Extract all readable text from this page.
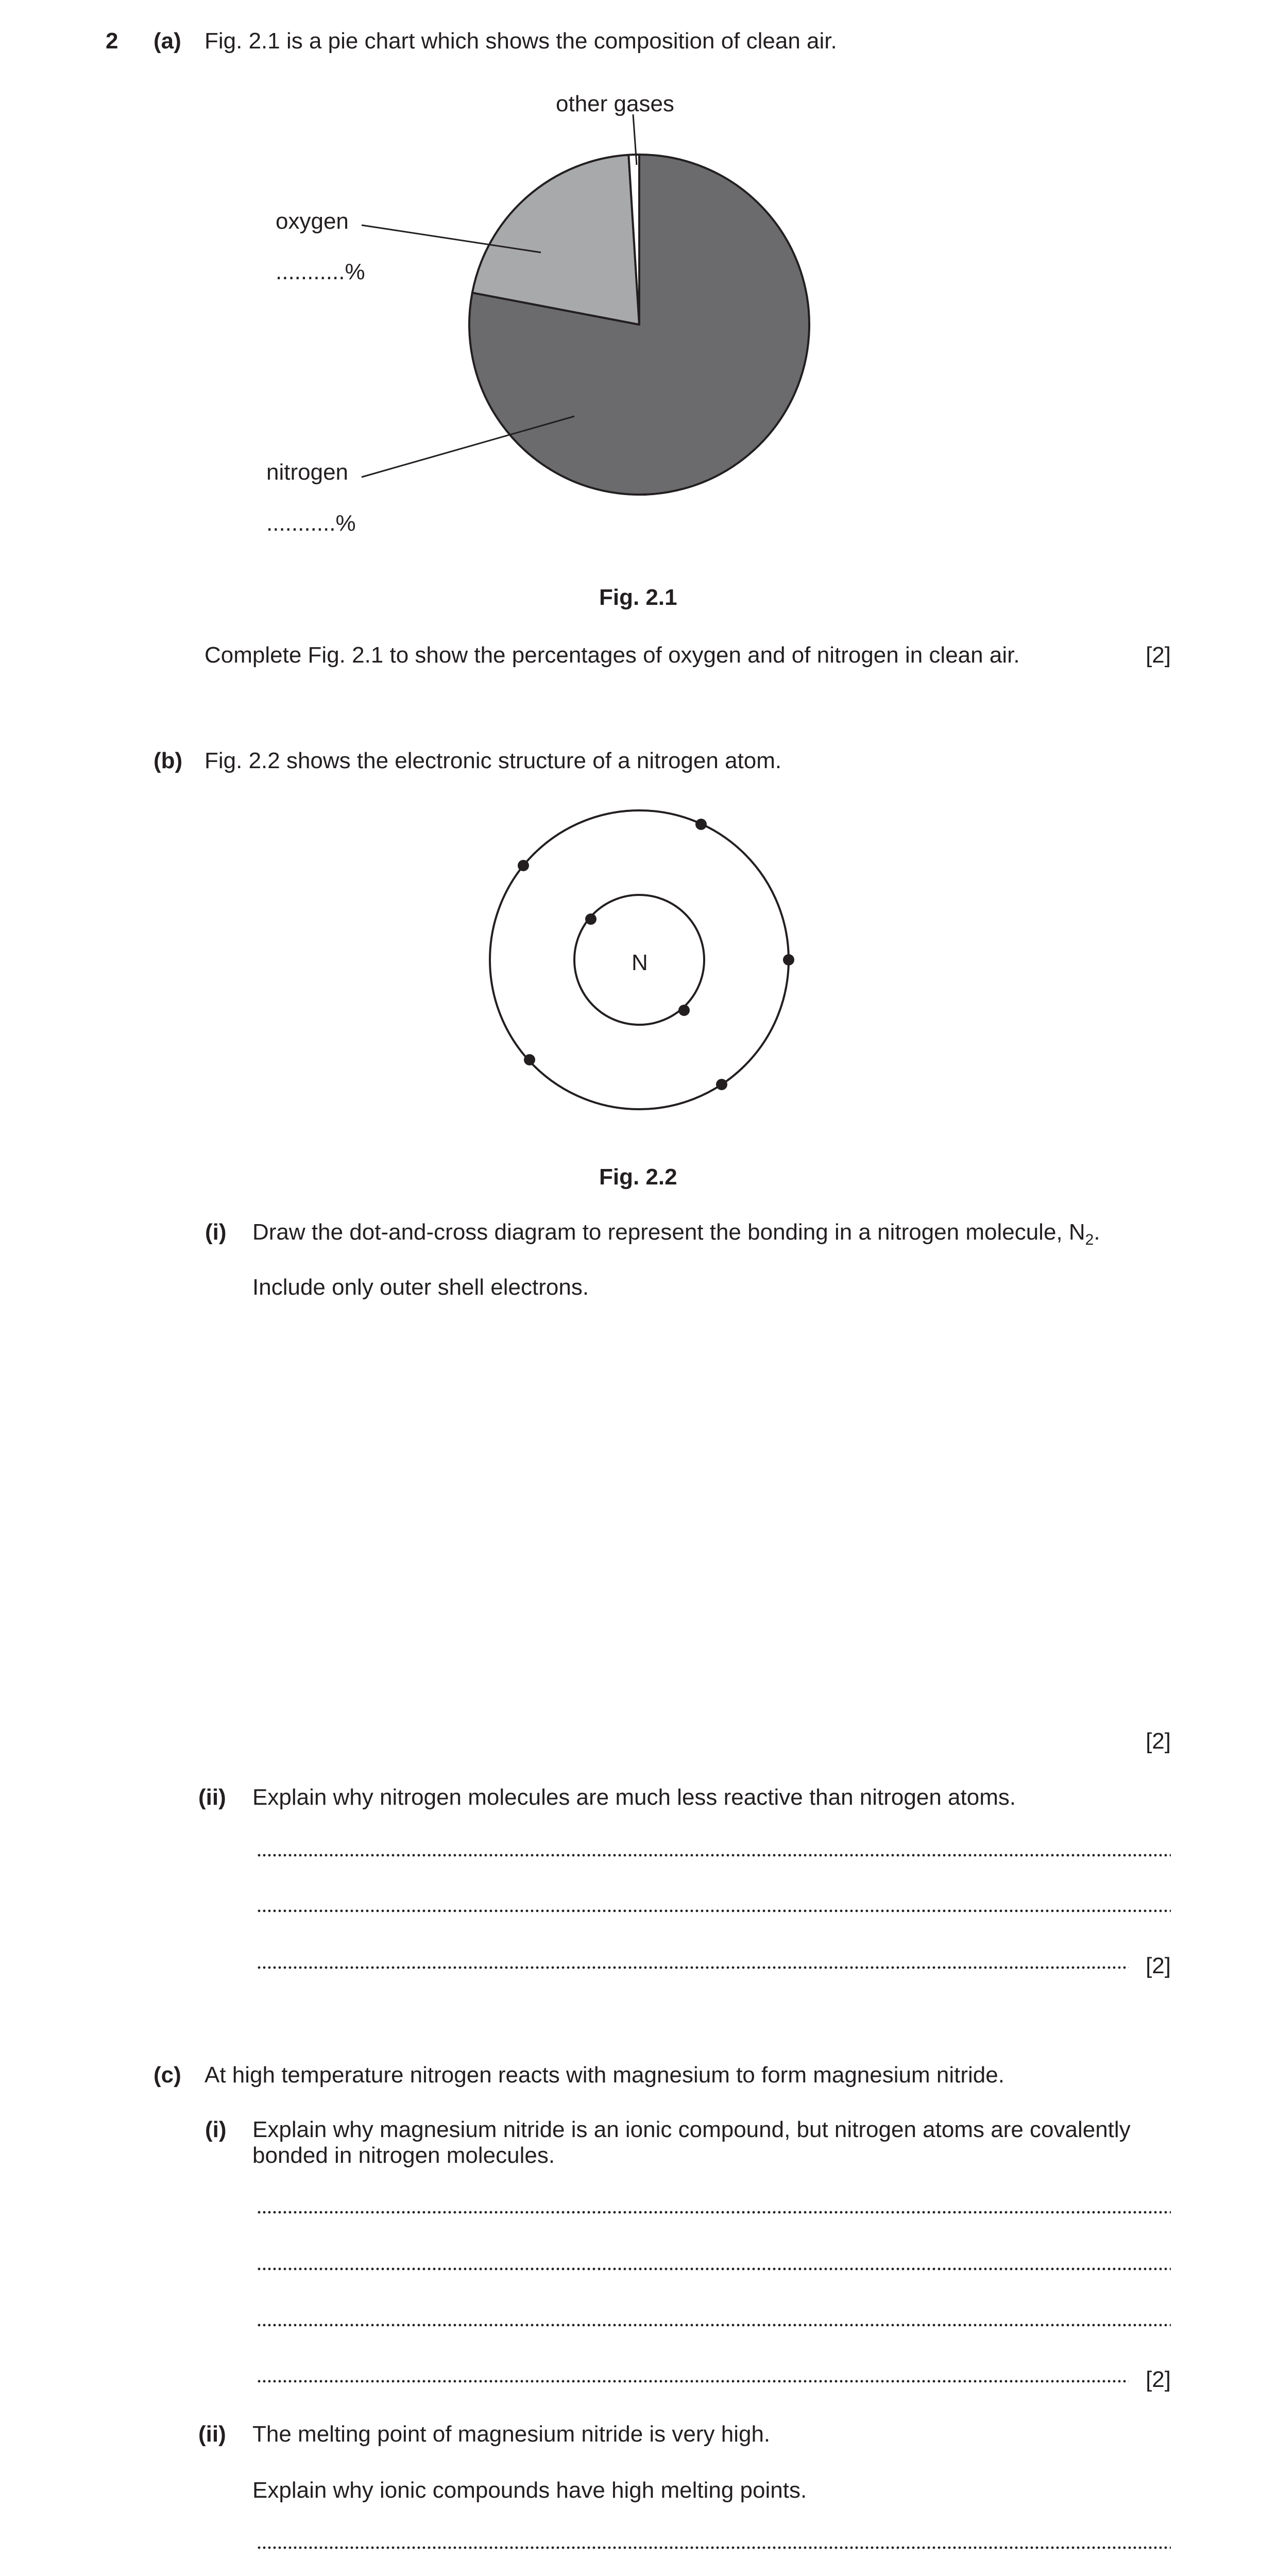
2 (a) Fig. 2.1 is a pie chart which shows the composition of clean air.
other gases
oxygen
...........%
nitrogen
...........%
Fig. 2.1
Complete Fig. 2.1 to show the percentages of oxygen and of nitrogen in clean air.	[2]
(b) Fig. 2.2 shows the electronic structure of a nitrogen atom.
N
Fig. 2.2
(i) Draw the dot-and-cross diagram to represent the bonding in a nitrogen molecule, $N_2$.
Include only outer shell electrons.
[2]
(ii) Explain why nitrogen molecules are much less reactive than nitrogen atoms.
[2]
(c) At high temperature nitrogen reacts with magnesium to form magnesium nitride.
(i) Explain why magnesium nitride is an ionic compound, but nitrogen atoms are covalently
bonded in nitrogen molecules.
[2]
(ii) The melting point of magnesium nitride is very high.
Explain why ionic compounds have high melting points.
